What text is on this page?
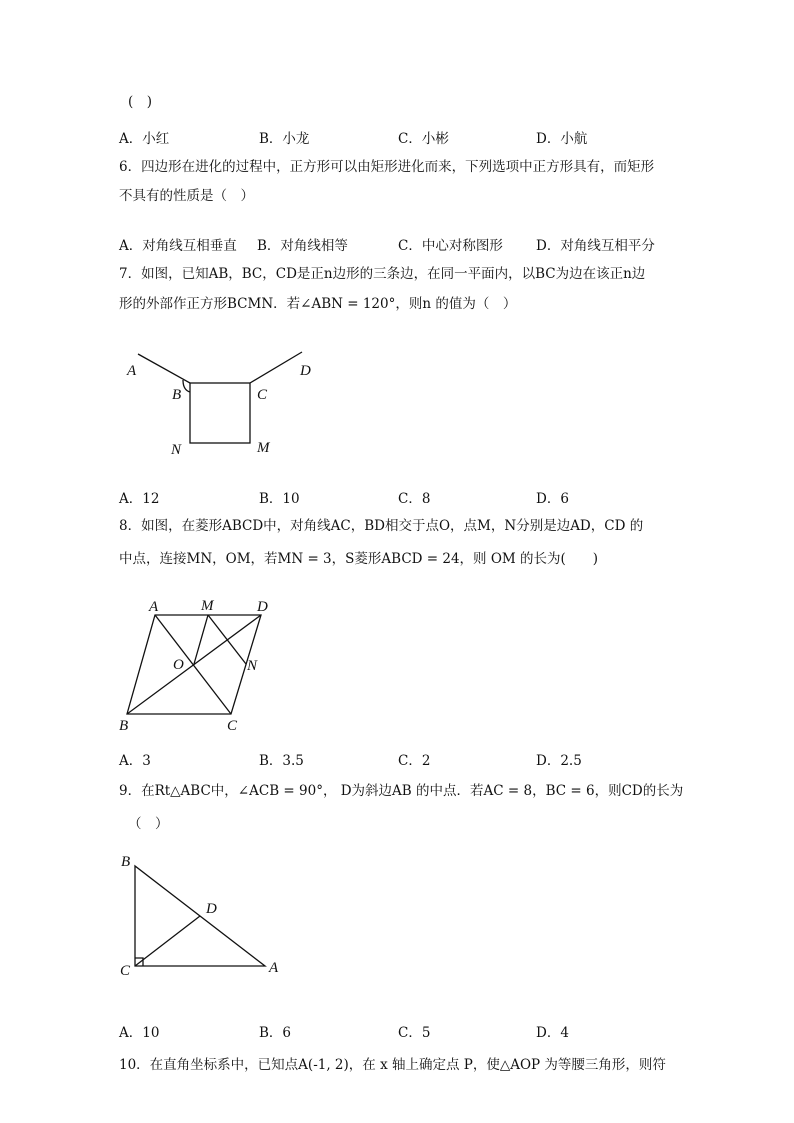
(　)
A．小红	B．小龙	C．小彬	D．小航
6．四边形在进化的过程中，正方形可以由矩形进化而来，下列选项中正方形具有，而矩形
不具有的性质是（　）
A．对角线互相垂直 B．对角线相等	C．中心对称图形 D．对角线互相平分
7．如图，已知AB，BC，CD是正n边形的三条边，在同一平面内，以BC为边在该正n边
形的外部作正方形BCMN．若∠ABN = 120°，则n 的值为（　）
A
B	C
D
N	M
A．12	B．10	C．8	D．6
8．如图，在菱形ABCD中，对角线AC，BD相交于点O，点M，N分别是边AD，CD 的
中点，连接MN，OM，若MN = 3，S菱形ABCD = 24，则 OM 的长为(　　)
A	M	D
O	N
B	C
A．3	B．3.5	C．2	D．2.5
9．在Rt△ABC中，∠ACB = 90°， D为斜边AB 的中点．若AC = 8，BC = 6，则CD的长为
（　）
B
D
C	A
A．10	B．6	C．5	D．4
10．在直角坐标系中，已知点A(-1, 2)，在 x 轴上确定点 P，使△AOP 为等腰三角形，则符
